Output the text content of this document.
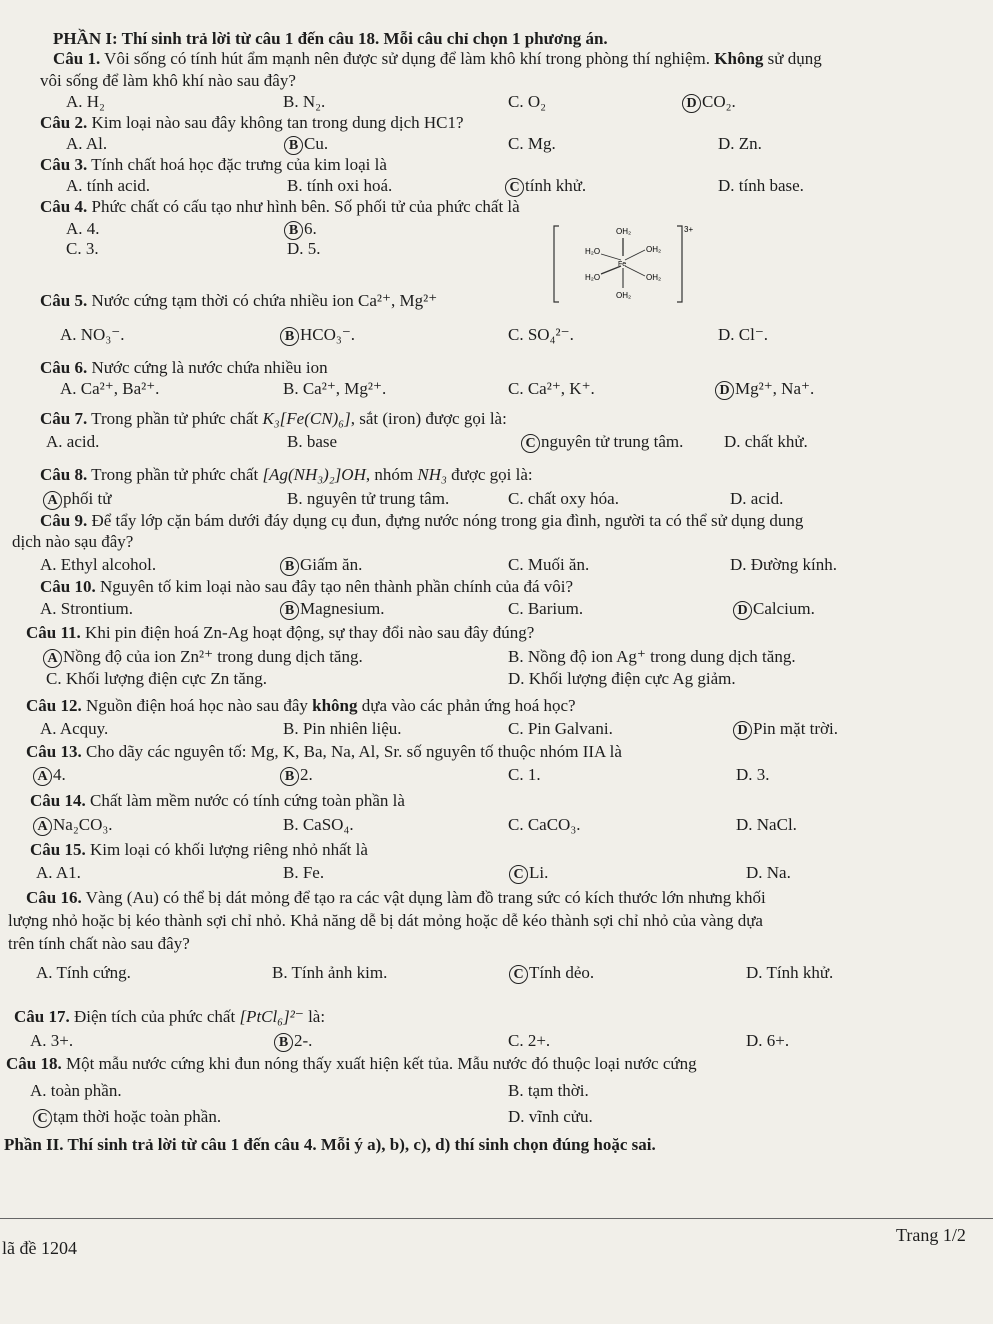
PHẦN I: Thí sinh trả lời từ câu 1 đến câu 18. Mỗi câu chỉ chọn 1 phương án.
Câu 1. Vôi sống có tính hút ẩm mạnh nên được sử dụng để làm khô khí trong phòng thí nghiệm. Không sử dụng
vôi sống để làm khô khí nào sau đây?
A. H₂	B. N₂.	C. O₂	D CO₂.
Câu 2. Kim loại nào sau đây không tan trong dung dịch HC1?
A. Al.	B Cu.	C. Mg.	D. Zn.
Câu 3. Tính chất hoá học đặc trưng của kim loại là
A. tính acid.	B. tính oxi hoá.	C tính khử.	D. tính base.
Câu 4. Phức chất có cấu tạo như hình bên. Số phối tử của phức chất là
A. 4.	B 6.
C. 3.	D. 5.
3+
OH₂
H₂O	OH₂
Fe
H₂O	OH₂
OH₂
Câu 5. Nước cứng tạm thời có chứa nhiều ion Ca²⁺, Mg²⁺
A. NO₃⁻.	B HCO₃⁻.	C. SO₄²⁻.	D. Cl⁻.
Câu 6. Nước cứng là nước chứa nhiều ion
A. Ca²⁺, Ba²⁺.	B. Ca²⁺, Mg²⁺.	C. Ca²⁺, K⁺.	D Mg²⁺, Na⁺.
Câu 7. Trong phần tử phức chất K₃[Fe(CN)₆], sắt (iron) được gọi là:
A. acid.	B. base	C nguyên tử trung tâm. D. chất khử.
Câu 8. Trong phần tử phức chất [Ag(NH₃)₂]OH, nhóm NH₃ được gọi là:
A phối tử	B. nguyên tử trung tâm.	C. chất oxy hóa.	D. acid.
Câu 9. Để tẩy lớp cặn bám dưới đáy dụng cụ đun, đựng nước nóng trong gia đình, người ta có thể sử dụng dung
dịch nào sạu đây?
A. Ethyl alcohol.	B Giấm ăn.	C. Muối ăn.	D. Đường kính.
Câu 10. Nguyên tố kim loại nào sau đây tạo nên thành phần chính của đá vôi?
A. Strontium.	B Magnesium.	C. Barium.	D Calcium.
Câu 11. Khi pin điện hoá Zn-Ag hoạt động, sự thay đổi nào sau đây đúng?
A Nồng độ của ion Zn²⁺ trong dung dịch tăng.	B. Nồng độ ion Ag⁺ trong dung dịch tăng.
C. Khối lượng điện cực Zn tăng.	D. Khối lượng điện cực Ag giảm.
Câu 12. Nguồn điện hoá học nào sau đây không dựa vào các phản ứng hoá học?
A. Acquy.	B. Pin nhiên liệu.	C. Pin Galvani.	D Pin mặt trời.
Câu 13. Cho dãy các nguyên tố: Mg, K, Ba, Na, Al, Sr. số nguyên tố thuộc nhóm IIA là
A 4.	B 2.	C. 1.	D. 3.
Câu 14. Chất làm mềm nước có tính cứng toàn phần là
A Na₂CO₃.	B. CaSO₄.	C. CaCO₃.	D. NaCl.
Câu 15. Kim loại có khối lượng riêng nhỏ nhất là
A. A1.	B. Fe.	C Li.	D. Na.
Câu 16. Vàng (Au) có thể bị dát mỏng để tạo ra các vật dụng làm đồ trang sức có kích thước lớn nhưng khối
lượng nhỏ hoặc bị kéo thành sợi chỉ nhỏ. Khả năng dễ bị dát mỏng hoặc dễ kéo thành sợi chỉ nhỏ của vàng dựa
trên tính chất nào sau đây?
A. Tính cứng.	B. Tính ảnh kim.	C Tính dẻo.	D. Tính khử.
Câu 17. Điện tích của phức chất [PtCl₆]²⁻ là:
A. 3+.	B 2-.	C. 2+.	D. 6+.
Câu 18. Một mẫu nước cứng khi đun nóng thấy xuất hiện kết tủa. Mẫu nước đó thuộc loại nước cứng
A. toàn phần.	B. tạm thời.
C tạm thời hoặc toàn phần.	D. vĩnh cửu.
Phần II. Thí sinh trả lời từ câu 1 đến câu 4. Mỗi ý a), b), c), d) thí sinh chọn đúng hoặc sai.
lã đề 1204
Trang 1/2
